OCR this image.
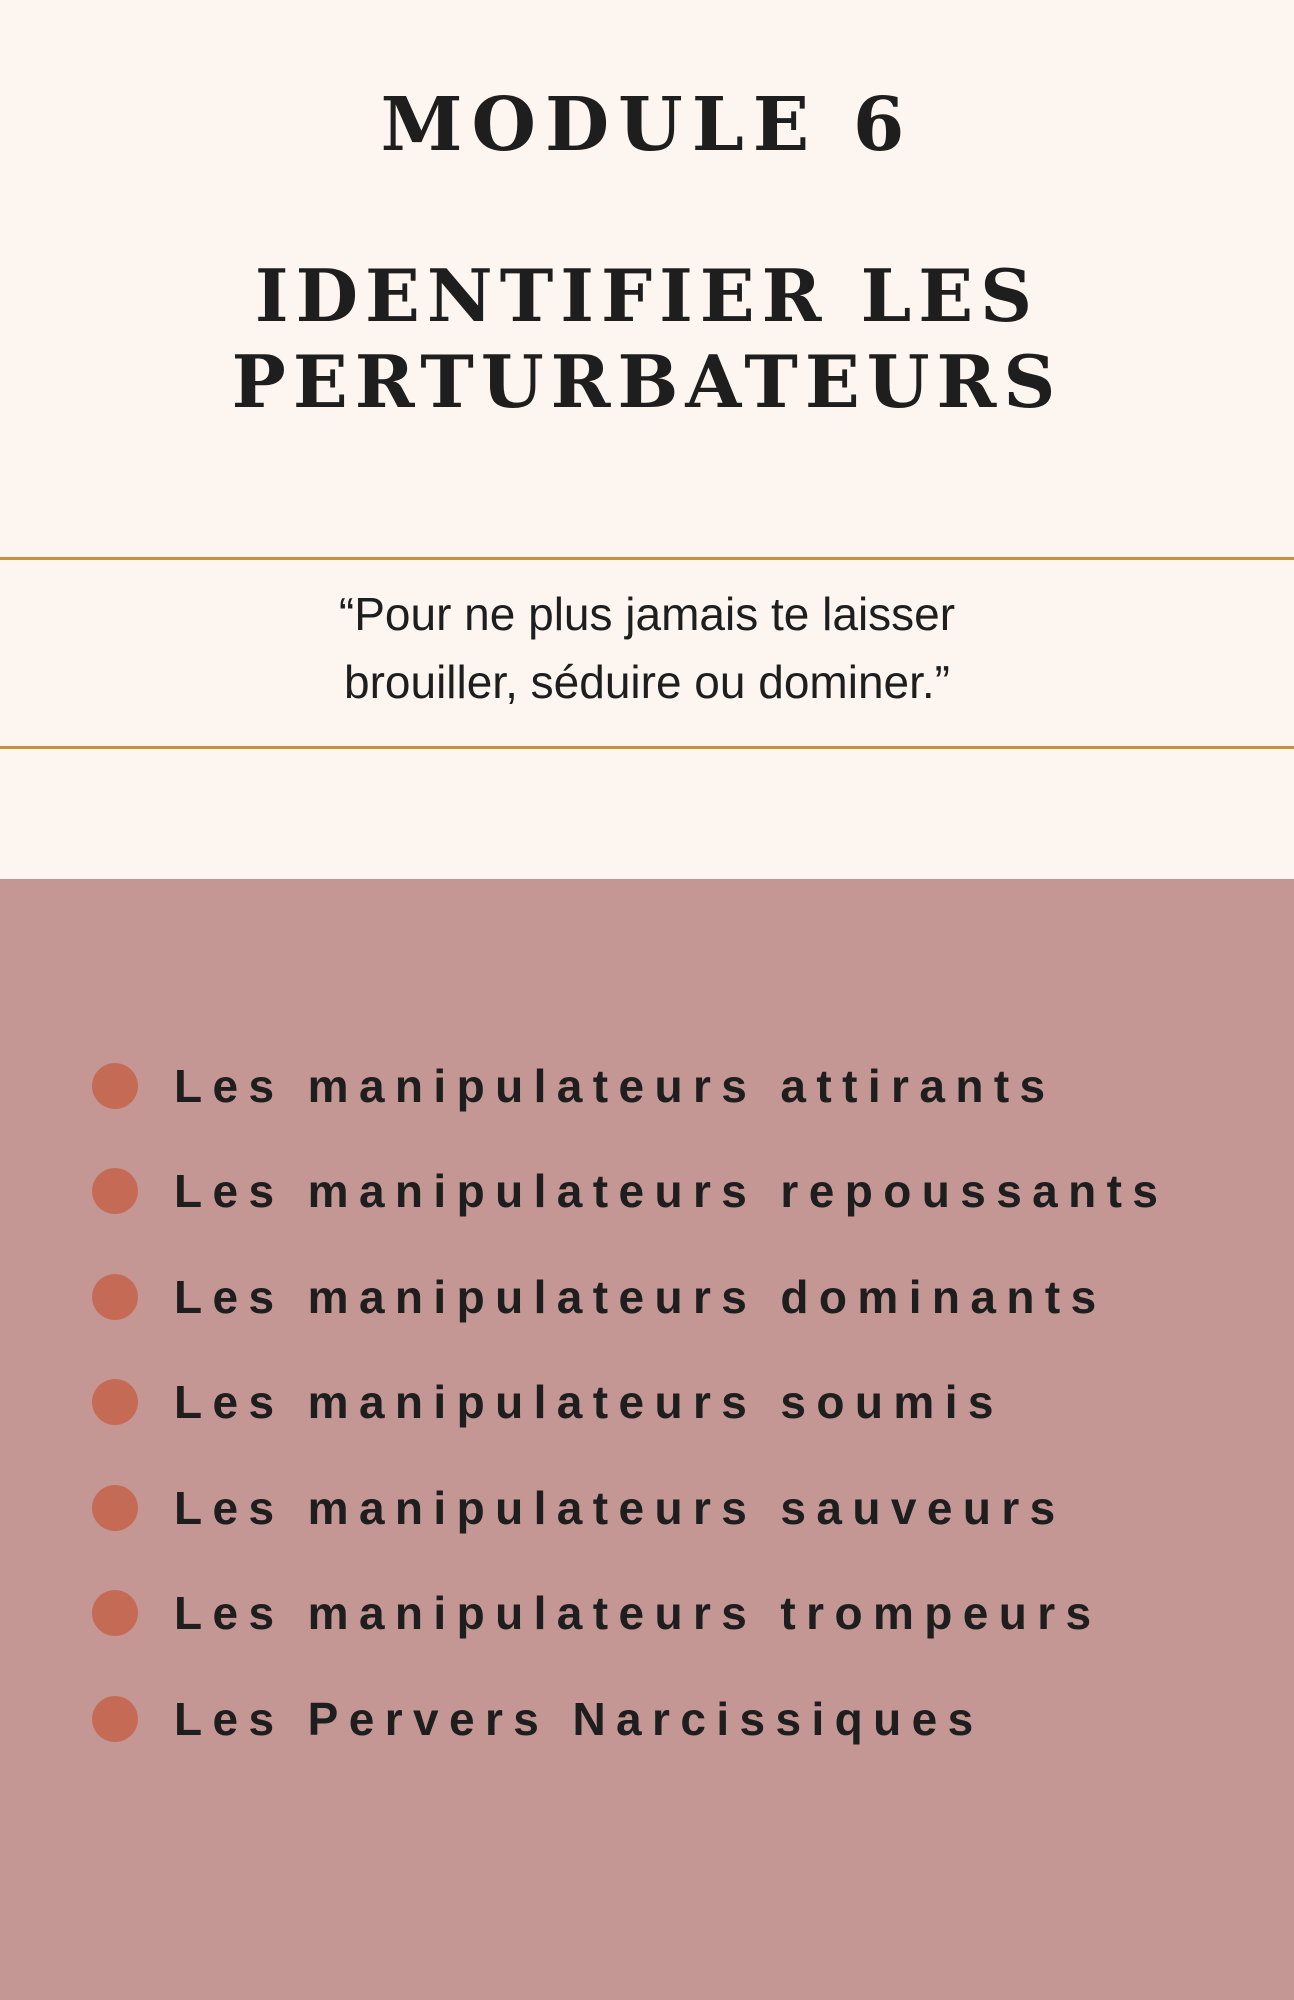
MODULE 6
IDENTIFIER LES
PERTURBATEURS
“Pour ne plus jamais te laisser
brouiller, séduire ou dominer.”
Les manipulateurs attirants
Les manipulateurs repoussants
Les manipulateurs dominants
Les manipulateurs soumis
Les manipulateurs sauveurs
Les manipulateurs trompeurs
Les Pervers Narcissiques
